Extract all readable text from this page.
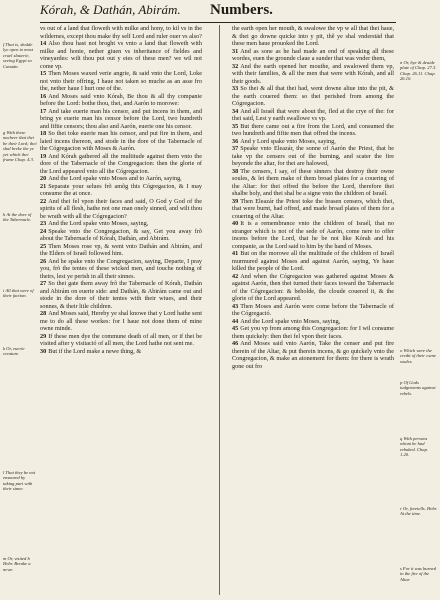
Kórah, & Dathán, Abirám. Numbers.

vs out of a land that floweth with milke and hony, to kil vs in the wildernes, except thou make thy self Lord and ruler ouer vs also?

14 Also thou hast not broght vs vnto a land that floweth with milke and honie, nether giuen vs inheritance of fieldes and vineyardes: wilt thou put out y eies of these men? we wil not come vp.

15 Then Moses waxed verie angrie, & said vnto the Lord, Loke not vnto their offring, I haue not taken so muche as an asse fro the, nether haue I hurt one of the.

16 And Moses said vnto Kórah, Be thou & all thy companie before the Lord: bothe thou, thei, and Aarón to morowe:

17 And take euerie man his censor, and put incens in them, and bring ye euerie man his censor before the Lord, two hundreth and fiftie censors; thou also and Aarón, euerie one his censor.

18 So thei toke euerie man his censor, and put fire in them, and laied incens thereon, and stode in the dore of the Tabernacle of the Cógregacion with Moses & Aarón.

19 And Kórah gathered all the multitude against them vnto the dore of the Tabernacle of the Congregacion: then the glorie of the Lord appeared vnto all the Cógregacion.

20 And the Lord spake vnto Moses and to Aarón, saying,

21 Separate your selues frõ amõg this Cógregacion, & I may consume the at once.

22 And thei fel vpon their faces and said, O God y God of the spirits of all flesh, hathe not one man onely sinned, and wilt thou be wrath with all the Cógregacion?

23 And the Lord spake vnto Moses, saying,

24 Speake vnto the Congregacion, & say, Get you away frõ about the Tabernacle of Kórah, Dathán, and Abirám.

25 Then Moses rose vp, & went vnto Dathán and Abirám, and the Elders of Israél followed him.

26 And he spake vnto the Congregacion, saying, Departe, I pray you, frõ the tentes of these wicked men, and touche nothing of theirs, lest ye perish in all their sinnes.

27 So thei gate them away frõ the Tabernacle of Kórah, Dathán and Abirám on euerie side: and Dathán, & Abirám came out and stode in the dore of their tentes with their wiues, and their sonnes, & their litle children.

28 And Moses said, Hereby ye shal knowe that y Lord hathe sent me to do all these workes: for I haue not done them of mine owne minde.

29 If these men dye the commune death of all men, or if thei be visited after y visitació of all men, the Lord hathe not sent me.

30 But if the Lord make a newe thing, &

the earth open her mouth, & swalowe the vp w all that thei haue, & thei go downe quicke into y pit, thě ye shal vnderstād that these men haue prouoked the Lord.

31 And as sone as he had made an end of speaking all these wordes, euen the grounde claue a sunder that was vnder them,

32 And the earth opened her mouthe, and swalowed them vp, with their families, & all the men that were with Kórah, and all their goods.

33 So thei & all that thei had, went downe aliue into the pit, & the earth couered them: so thei perished from among the Cógregacion.

34 And all Israél that were about the, fled at the crye of the: for thei said, Lest y earth swallowe vs vp.

35 But there came out a fire from the Lord, and consumed the two hundreth and fiftie men that offred the incens.

36 And y Lord spake vnto Moses, saying,

37 Speake vnto Eleazár, the sonne of Aarón the Priest, that he take vp the censers out of the burning, and scater the fire beyonde the altar, for thei are halowed,

38 The censers, I say, of these sinners that destroy their owne soules, & let them make of them broad plates for a couering of the Altar: for thei offred the before the Lord, therefore thei shalbe holy, and thei shal be a signe vnto the children of Israél.

39 Then Eleazár the Priest toke the brasen censers, which thei, that were burnt, had offred, and made broad plates of them for a couering of the Altar.

40 It is a remembrance vnto the children of Israél, that no stranger which is not of the sede of Aarón, come nere to offer incens before the Lord, that he be not like Kórah and his companie, as the Lord said to him by the hand of Moses.

41 But on the morowe all the multitude of the children of Israél murmured against Moses and against Aarón, saying, Ye haue killed the people of the Lord.

42 And when the Cógregacion was gathered against Moses & against Aarón, then thei turned their faces toward the Tabernacle of the Cógregacion: & beholde, the cloude couered it, & the glorie of the Lord appeared.

43 Then Moses and Aarón were come before the Tabernacle of the Cógregació.

44 And the Lord spake vnto Moses, saying,

45 Get you vp from among this Congregacion: for I wil consume them quickely: then thei fel vpon their faces.

46 And Moses said vnto Aarón, Take the censer and put fire therein of the Altar, & put therein incens, & go quickely vnto the Congregacion, & make an atonement for them: for there is wrath gone out fro

f That is, shulde lye open to most cruel slauerie, seeing Egypt so Canaán.
g With these nacheer that thei be their Lord; thei shal breke the ye yet which thei frame Chap. 4.3.
h At the dore of the Tabernacle.
i All that were of their faction.
k Or, euerie creature.
l That they be not ensnared by taking part with their sinne.
m Or, visited b Hebr. Breake a newe.
n Or, bye & deuide plate of Chap. 27.3. Chap. 26.11. Chap. 26.10.
o Which were the credit of their owne soules.
p Of Gods iudgements against rebels.
q With persons whom he had rebuked. Chap. 1.20.
r Or, foretells. Hebr. At the time.
s For it was burned in the fire of the Altar.
